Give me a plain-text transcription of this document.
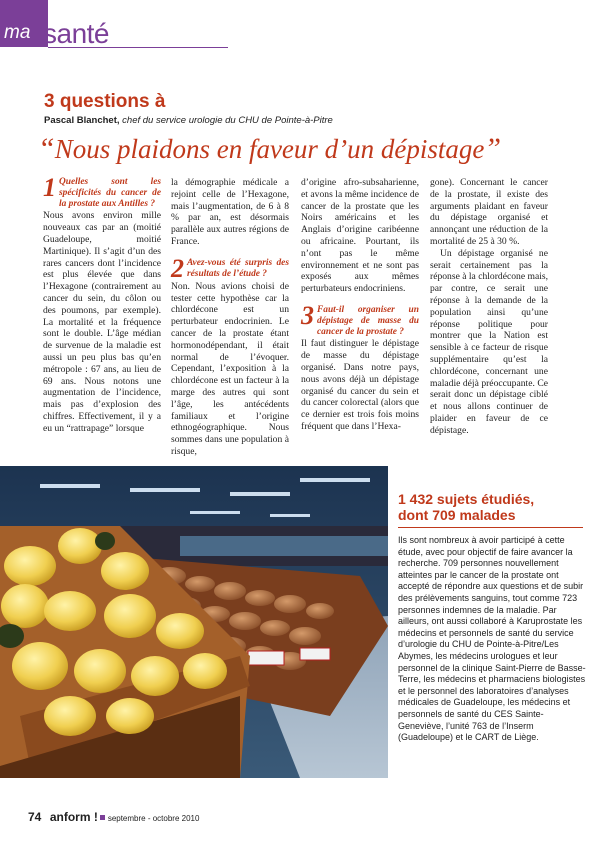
ma santé
3 questions à
Pascal Blanchet, chef du service urologie du CHU de Pointe-à-Pitre
“Nous plaidons en faveur d’un dépistage”
1 Quelles sont les spécificités du cancer de la prostate aux Antilles ?

Nous avons environ mille nouveaux cas par an (moitié Guadeloupe, moitié Martinique). Il s’agit d’un des rares cancers dont l’incidence est plus élevée que dans l’Hexagone (contrairement au cancer du sein, du côlon ou des poumons, par exemple). La mortalité et la fréquence sont le double. L’âge médian de survenue de la maladie est aussi un peu plus bas qu’en métropole : 67 ans, au lieu de 69 ans. Nous notons une augmentation de l’incidence, mais pas d’explosion des chiffres. Effectivement, il y a eu un “rattrapage” lorsque

la démographie médicale a rejoint celle de l’Hexagone, mais l’augmentation, de 6 à 8 % par an, est désormais parallèle aux autres régions de France.

2 Avez-vous été surpris des résultats de l’étude ?

Non. Nous avions choisi de tester cette hypothèse car la chlordécone est un perturbateur endocrinien. Le cancer de la prostate étant hormonodépendant, il était normal de l’évoquer. Cependant, l’exposition à la chlordécone est un facteur à la marge des autres qui sont l’âge, les antécédents familiaux et l’origine ethnogéographique. Nous sommes dans une population à risque,

d’origine afro-subsaharienne, et avons la même incidence de cancer de la prostate que les Noirs américains et les Anglais d’origine caribéenne ou africaine. Pourtant, ils n’ont pas le même environnement et ne sont pas exposés aux mêmes perturbateurs endocriniens.

3 Faut-il organiser un dépistage de masse du cancer de la prostate ?

Il faut distinguer le dépistage de masse du dépistage organisé. Dans notre pays, nous avons déjà un dépistage organisé du cancer du sein et du cancer colorectal (alors que ce dernier est trois fois moins fréquent que dans l’Hexa-

gone). Concernant le cancer de la prostate, il existe des arguments plaidant en faveur du dépistage organisé et annonçant une réduction de la mortalité de 25 à 30 %.

Un dépistage organisé ne serait certainement pas la réponse à la chlordécone mais, par contre, ce serait une réponse à la demande de la population ainsi qu’une réponse politique pour montrer que la Nation est sensible à ce facteur de risque supplémentaire qu’est la chlordécone, concernant une maladie déjà préoccupante. Ce serait donc un dépistage ciblé et nous allons continuer de plaider en faveur de ce dépistage.

1 432 sujets étudiés,
dont 709 malades

Ils sont nombreux à avoir participé à cette étude, avec pour objectif de faire avancer la recherche. 709 personnes nouvellement atteintes par le cancer de la prostate ont accepté de répondre aux questions et de subir des prélèvements sanguins, tout comme 723 personnes indemnes de la maladie. Par ailleurs, ont aussi collaboré à Karuprostate les médecins et personnels de santé du service d’urologie du CHU de Pointe-à-Pitre/Les Abymes, les médecins urologues et leur personnel de la clinique Saint-Pierre de Basse-Terre, les médecins et pharmaciens biologistes et le personnel des laboratoires d’analyses médicales de Guadeloupe, les médecins et personnels de santé du CES Sainte-Geneviève, l’unité 763 de l’Inserm (Guadeloupe) et le CART de Liège.

74 anform ! septembre - octobre 2010
